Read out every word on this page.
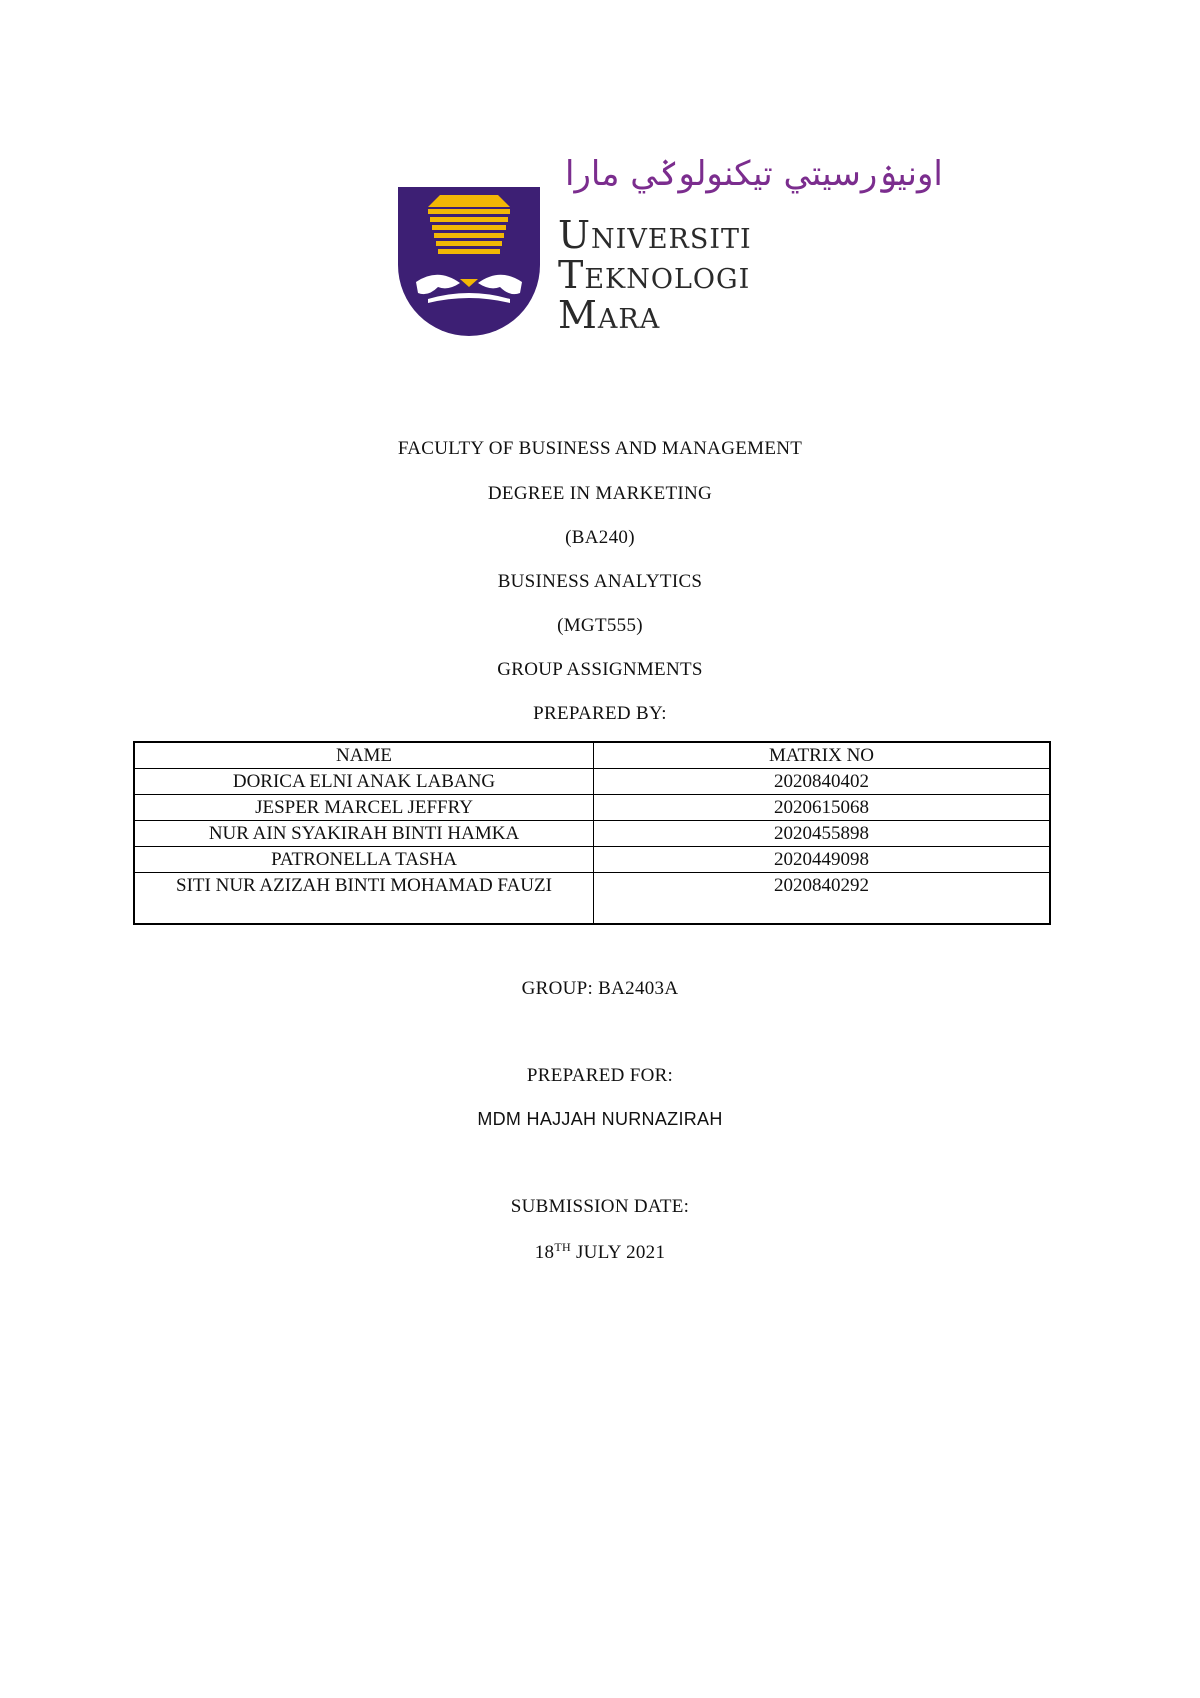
اونيۏرسيتي تيكنولوݢي مارا
Universiti
Teknologi
Mara
FACULTY OF BUSINESS AND MANAGEMENT
DEGREE IN MARKETING
(BA240)
BUSINESS ANALYTICS
(MGT555)
GROUP ASSIGNMENTS
PREPARED BY:
NAME	MATRIX NO
DORICA ELNI ANAK LABANG	2020840402
JESPER MARCEL JEFFRY	2020615068
NUR AIN SYAKIRAH BINTI HAMKA	2020455898
PATRONELLA TASHA	2020449098
SITI NUR AZIZAH BINTI MOHAMAD FAUZI	2020840292
GROUP: BA2403A
PREPARED FOR:
MDM HAJJAH NURNAZIRAH
SUBMISSION DATE:
18TH JULY 2021
